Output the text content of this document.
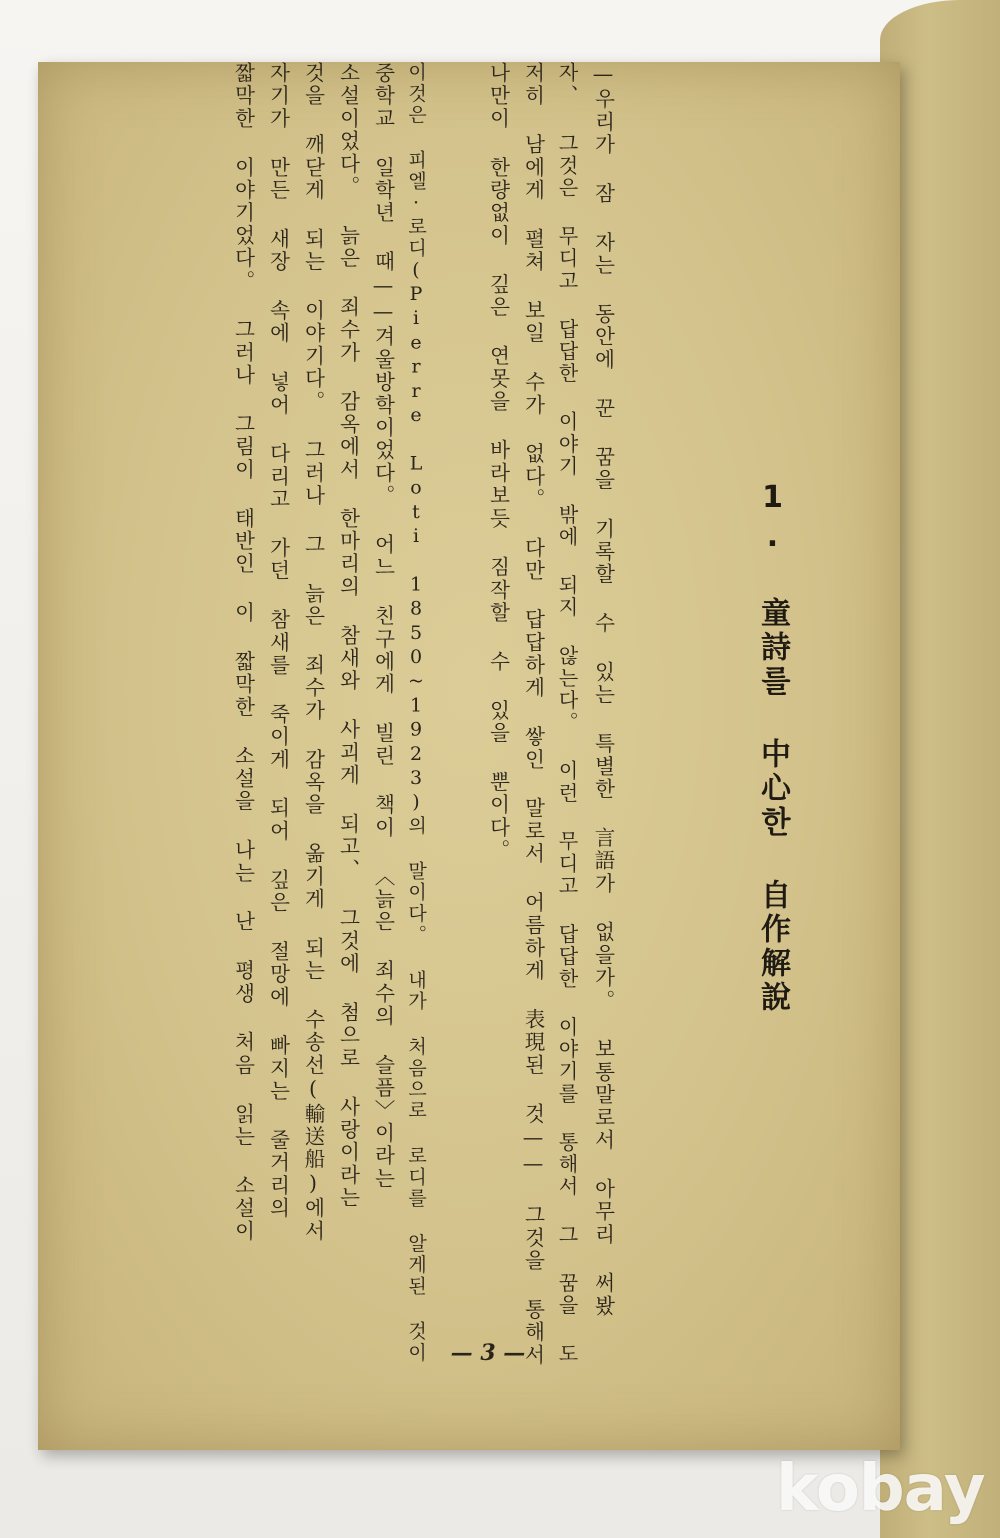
1. 童詩를 中心한 自作解說
—우리가 잠 자는 동안에 꾼 꿈을 기록할 수 있는 특별한 言語가 없을가。 보통말로서 아무리 써봤
자、 그것은 무디고 답답한 이야기 밖에 되지 않는다。 이런 무디고 답답한 이야기를 통해서 그 꿈을 도
저히 남에게 펼쳐 보일 수가 없다。 다만 답답하게 쌓인 말로서 어름하게 表現된 것—— 그것을 통해서
나만이 한량없이 깊은 연못을 바라보듯 짐작할 수 있을 뿐이다。
이것은 피엘·로디(Pierre Loti 1850~1923)의 말이다。 내가 처음으로 로디를 알게된 것이
중학교 일학년 때——겨울방학이었다。 어느 친구에게 빌린 책이 〈늙은 죄수의 슬픔〉이라는
소설이었다。 늙은 죄수가 감옥에서 한마리의 참새와 사괴게 되고、 그것에 첨으로 사랑이라는
것을 깨닫게 되는 이야기다。 그러나 그 늙은 죄수가 감옥을 옮기게 되는 수송선(輸送船)에서
자기가 만든 새장 속에 넣어 다리고 가던 참새를 죽이게 되어 깊은 절망에 빠지는 줄거리의
짧막한 이야기었다。 그러나 그림이 태반인 이 짧막한 소설을 나는 난 평생 처음 읽는 소설이
— 3 —
kobay
